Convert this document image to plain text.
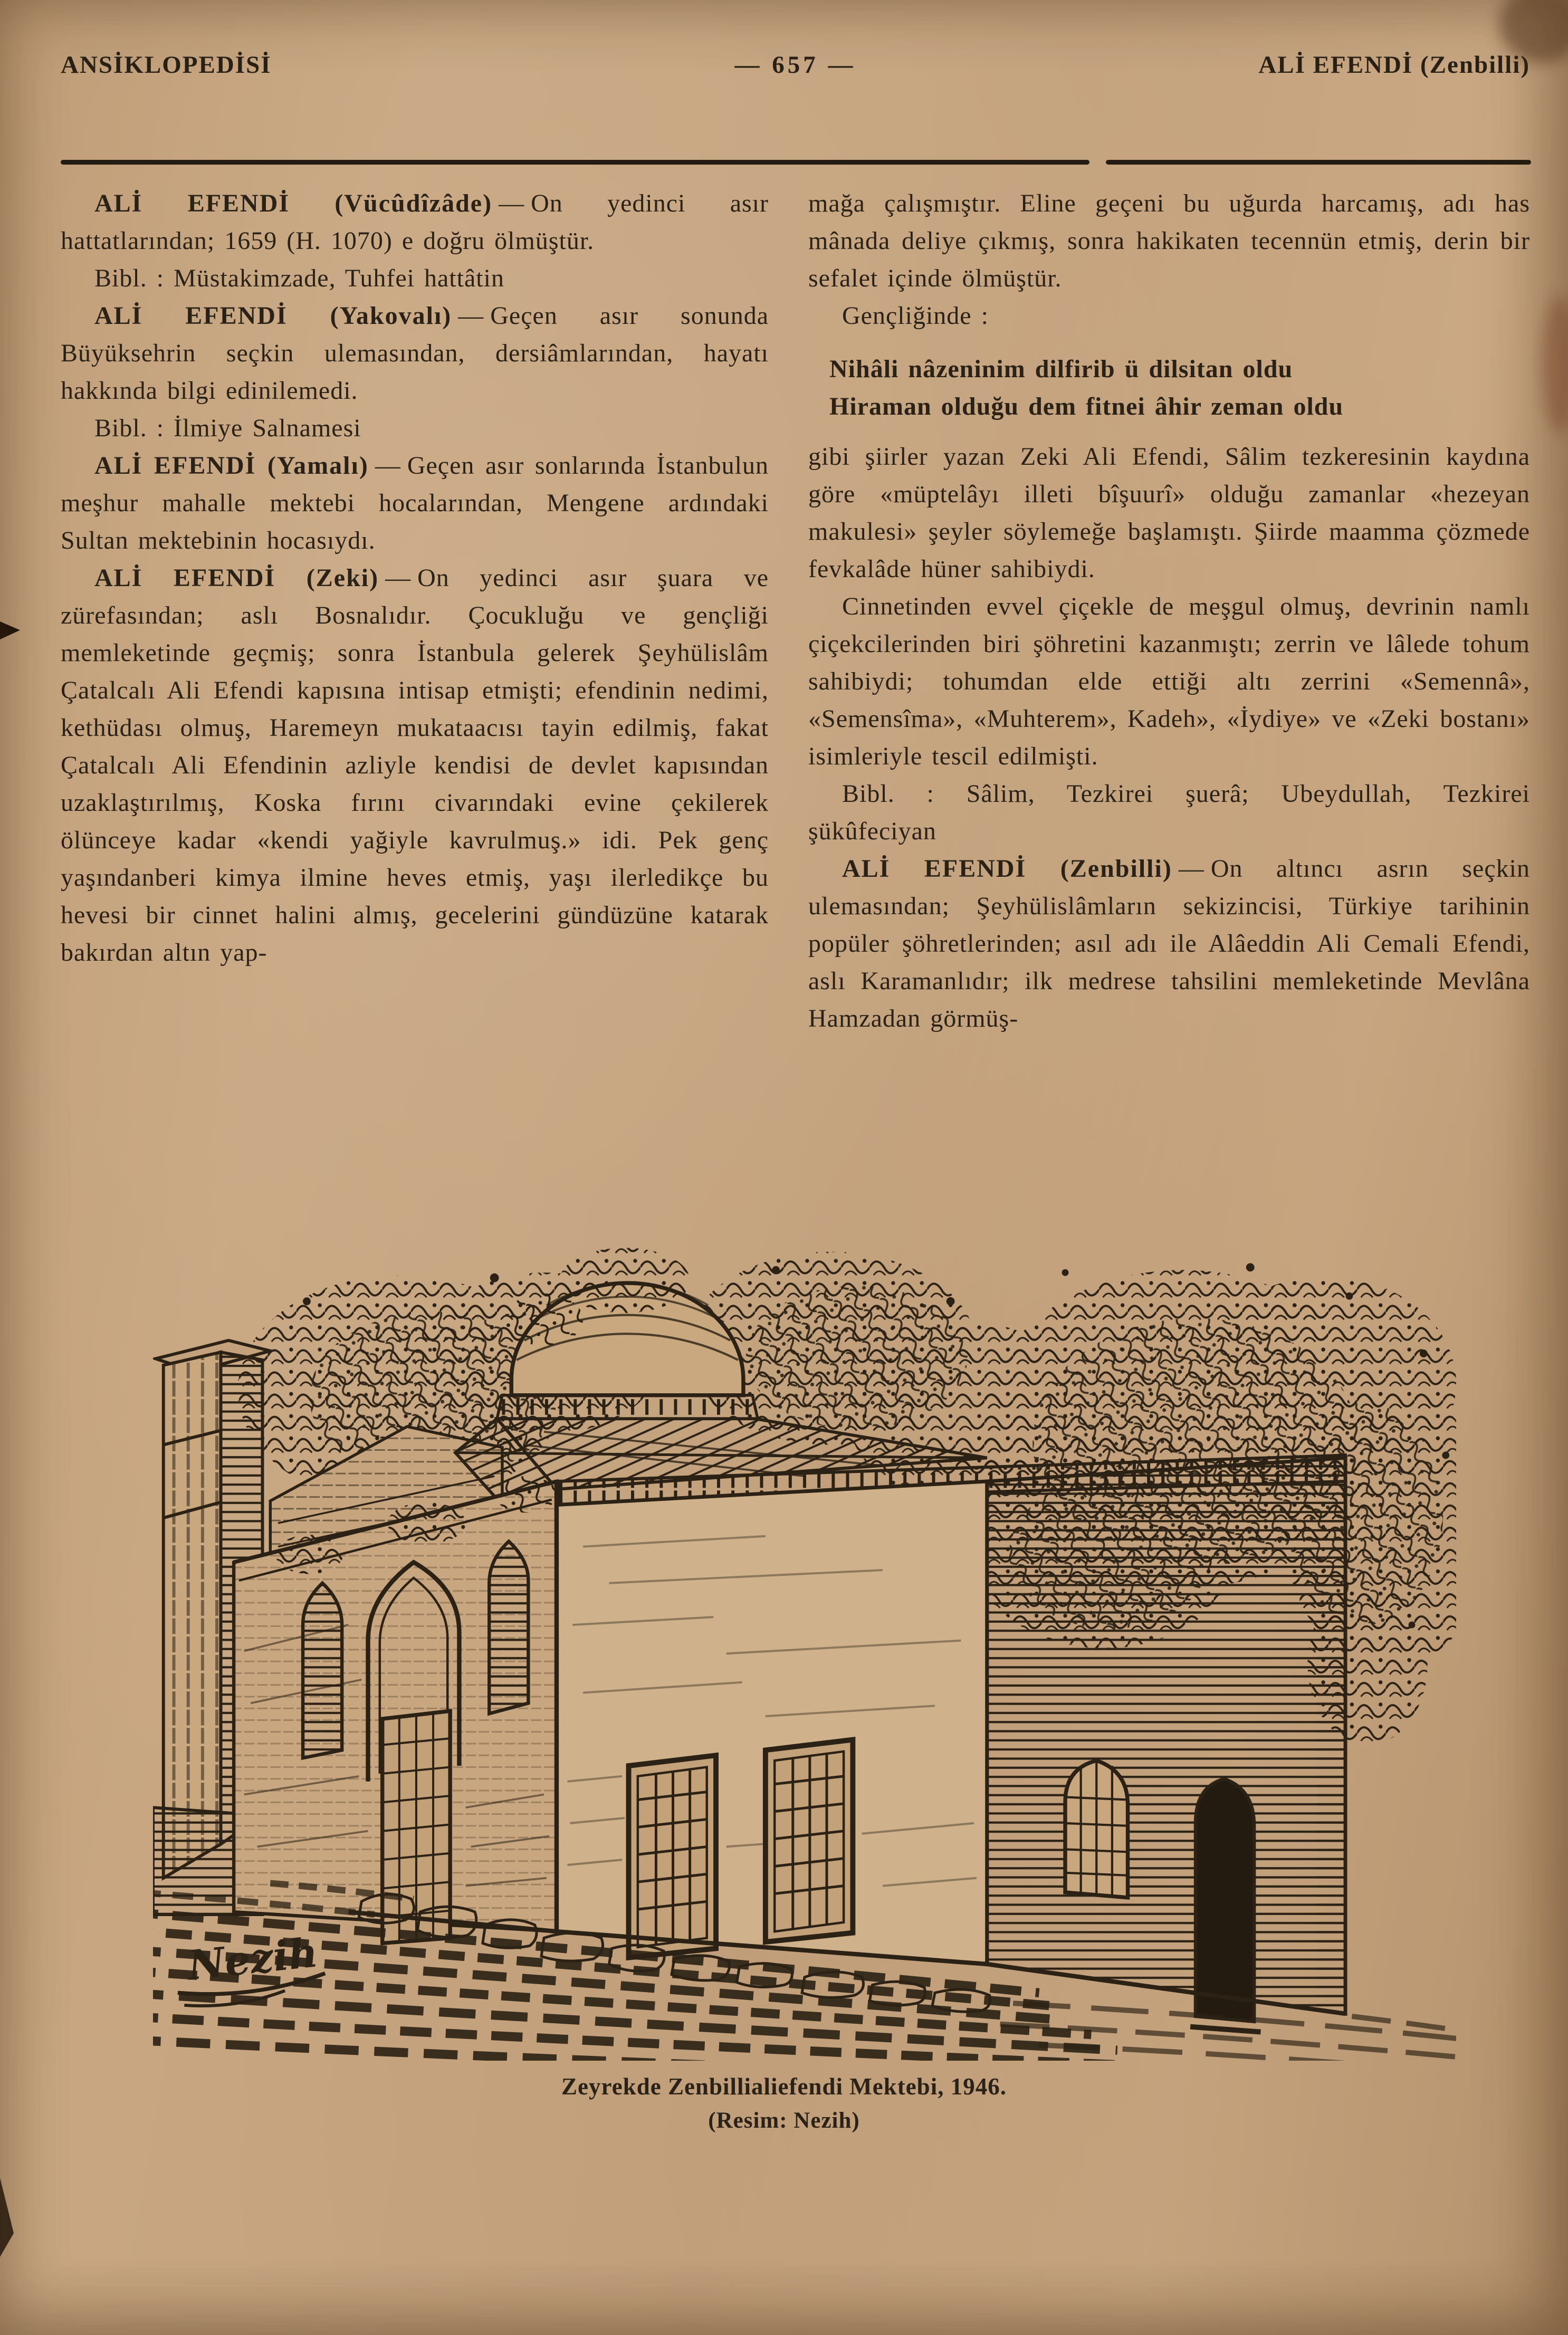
ANSİKLOPEDİSİ	— 657 —	ALİ EFENDİ (Zenbilli)

ALİ EFENDİ (Vücûdîzâde) — On yedinci asır hattatlarından; 1659 (H. 1070) e doğru ölmüştür.

Bibl. : Müstakimzade, Tuhfei hattâtin

ALİ EFENDİ (Yakovalı) — Geçen asır sonunda Büyüksehrin seçkin ulemasından, dersiâmlarından, hayatı hakkında bilgi edinilemedi.

Bibl. : İlmiye Salnamesi

ALİ EFENDİ (Yamalı) — Geçen asır sonlarında İstanbulun meşhur mahalle mektebi hocalarından, Mengene ardındaki Sultan mektebinin hocasıydı.

ALİ EFENDİ (Zeki) — On yedinci asır şuara ve zürefasından; aslı Bosnalıdır. Çocukluğu ve gençliği memleketinde geçmiş; sonra İstanbula gelerek Şeyhülislâm Çatalcalı Ali Efendi kapısına intisap etmişti; efendinin nedimi, kethüdası olmuş, Haremeyn mukataacısı tayin edilmiş, fakat Çatalcalı Ali Efendinin azliyle kendisi de devlet kapısından uzaklaştırılmış, Koska fırını civarındaki evine çekilerek ölünceye kadar «kendi yağiyle kavrulmuş.» idi. Pek genç yaşındanberi kimya ilmine heves etmiş, yaşı ilerledikçe bu hevesi bir cinnet halini almış, gecelerini gündüzüne katarak bakırdan altın yap-

mağa çalışmıştır. Eline geçeni bu uğurda harcamış, adı has mânada deliye çıkmış, sonra hakikaten tecennün etmiş, derin bir sefalet içinde ölmüştür.

Gençliğinde :

Nihâli nâzeninim dilfirib ü dilsitan oldu

Hiraman olduğu dem fitnei âhir zeman oldu

gibi şiirler yazan Zeki Ali Efendi, Sâlim tezkeresinin kaydına göre «müptelâyı illeti bîşuurî» olduğu zamanlar «hezeyan makulesi» şeyler söylemeğe başlamıştı. Şiirde maamma çözmede fevkalâde hüner sahibiydi.

Cinnetinden evvel çiçekle de meşgul olmuş, devrinin namlı çiçekcilerinden biri şöhretini kazanmıştı; zerrin ve lâlede tohum sahibiydi; tohumdan elde ettiği altı zerrini «Semennâ», «Semensîma», «Muhterem», Kadeh», «İydiye» ve «Zeki bostanı» isimleriyle tescil edilmişti.

Bibl. : Sâlim, Tezkirei şuerâ; Ubeydullah, Tezkirei şükûfeciyan

ALİ EFENDİ (Zenbilli) — On altıncı asrın seçkin ulemasından; Şeyhülislâmların sekizincisi, Türkiye tarihinin popüler şöhretlerinden; asıl adı ile Alâeddin Ali Cemali Efendi, aslı Karamanlıdır; ilk medrese tahsilini memleketinde Mevlâna Hamzadan görmüş-

Nezih
Zeyrekde Zenbillialiefendi Mektebi, 1946.
(Resim: Nezih)
